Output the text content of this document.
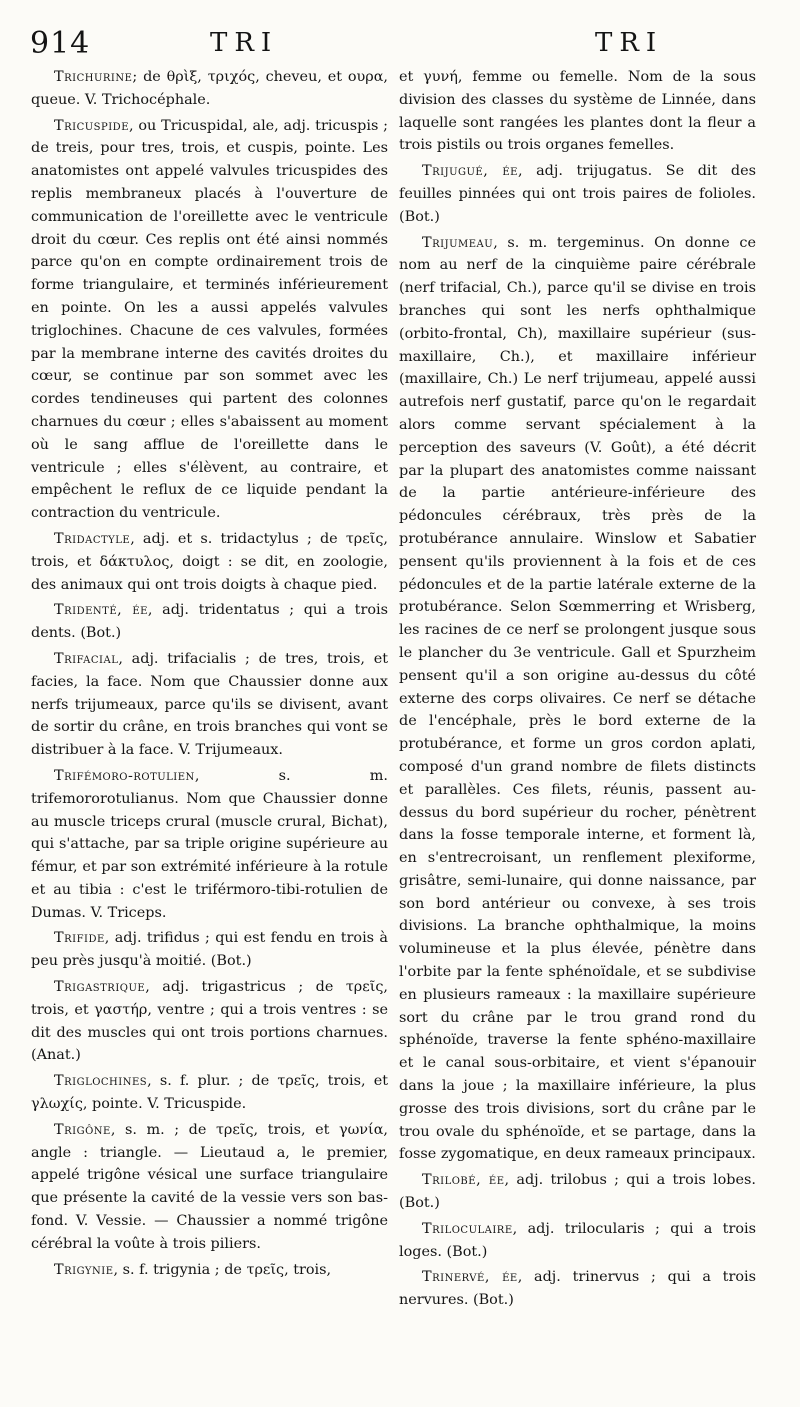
914	TRI	TRI

Trichurine; de θρὶξ, τριχός, cheveu, et ουρα, queue. V. Trichocéphale.

Tricuspide, ou Tricuspidal, ale, adj. tricuspis ; de treis, pour tres, trois, et cuspis, pointe. Les anatomistes ont appelé valvules tricuspides des replis membraneux placés à l'ouverture de communication de l'oreillette avec le ventricule droit du cœur. Ces replis ont été ainsi nommés parce qu'on en compte ordinairement trois de forme triangulaire, et terminés inférieurement en pointe. On les a aussi appelés valvules triglochines. Chacune de ces valvules, formées par la membrane interne des cavités droites du cœur, se continue par son sommet avec les cordes tendineuses qui partent des colonnes charnues du cœur ; elles s'abaissent au moment où le sang afflue de l'oreillette dans le ventricule ; elles s'élèvent, au contraire, et empêchent le reflux de ce liquide pendant la contraction du ventricule.

Tridactyle, adj. et s. tridactylus ; de τρεῖς, trois, et δάκτυλος, doigt : se dit, en zoologie, des animaux qui ont trois doigts à chaque pied.

Tridenté, ée, adj. tridentatus ; qui a trois dents. (Bot.)

Trifacial, adj. trifacialis ; de tres, trois, et facies, la face. Nom que Chaussier donne aux nerfs trijumeaux, parce qu'ils se divisent, avant de sortir du crâne, en trois branches qui vont se distribuer à la face. V. Trijumeaux.

Trifémoro-rotulien, s. m. trifemororotulianus. Nom que Chaussier donne au muscle triceps crural (muscle crural, Bichat), qui s'attache, par sa triple origine supérieure au fémur, et par son extrémité inférieure à la rotule et au tibia : c'est le triférmoro-tibi-rotulien de Dumas. V. Triceps.

Trifide, adj. trifidus ; qui est fendu en trois à peu près jusqu'à moitié. (Bot.)

Trigastrique, adj. trigastricus ; de τρεῖς, trois, et γαστήρ, ventre ; qui a trois ventres : se dit des muscles qui ont trois portions charnues. (Anat.)

Triglochines, s. f. plur. ; de τρεῖς, trois, et γλωχίς, pointe. V. Tricuspide.

Trigône, s. m. ; de τρεῖς, trois, et γωνία, angle : triangle. — Lieutaud a, le premier, appelé trigône vésical une surface triangulaire que présente la cavité de la vessie vers son bas-fond. V. Vessie. — Chaussier a nommé trigône cérébral la voûte à trois piliers.

Trigynie, s. f. trigynia ; de τρεῖς, trois,

et γυνή, femme ou femelle. Nom de la sous division des classes du système de Linnée, dans laquelle sont rangées les plantes dont la fleur a trois pistils ou trois organes femelles.

Trijugué, ée, adj. trijugatus. Se dit des feuilles pinnées qui ont trois paires de folioles. (Bot.)

Trijumeau, s. m. tergeminus. On donne ce nom au nerf de la cinquième paire cérébrale (nerf trifacial, Ch.), parce qu'il se divise en trois branches qui sont les nerfs ophthalmique (orbito-frontal, Ch), maxillaire supérieur (sus-maxillaire, Ch.), et maxillaire inférieur (maxillaire, Ch.) Le nerf trijumeau, appelé aussi autrefois nerf gustatif, parce qu'on le regardait alors comme servant spécialement à la perception des saveurs (V. Goût), a été décrit par la plupart des anatomistes comme naissant de la partie antérieure-inférieure des pédoncules cérébraux, très près de la protubérance annulaire. Winslow et Sabatier pensent qu'ils proviennent à la fois et de ces pédoncules et de la partie latérale externe de la protubérance. Selon Sœmmerring et Wrisberg, les racines de ce nerf se prolongent jusque sous le plancher du 3e ventricule. Gall et Spurzheim pensent qu'il a son origine au-dessus du côté externe des corps olivaires. Ce nerf se détache de l'encéphale, près le bord externe de la protubérance, et forme un gros cordon aplati, composé d'un grand nombre de filets distincts et parallèles. Ces filets, réunis, passent au-dessus du bord supérieur du rocher, pénètrent dans la fosse temporale interne, et forment là, en s'entrecroisant, un renflement plexiforme, grisâtre, semi-lunaire, qui donne naissance, par son bord antérieur ou convexe, à ses trois divisions. La branche ophthalmique, la moins volumineuse et la plus élevée, pénètre dans l'orbite par la fente sphénoïdale, et se subdivise en plusieurs rameaux : la maxillaire supérieure sort du crâne par le trou grand rond du sphénoïde, traverse la fente sphéno-maxillaire et le canal sous-orbitaire, et vient s'épanouir dans la joue ; la maxillaire inférieure, la plus grosse des trois divisions, sort du crâne par le trou ovale du sphénoïde, et se partage, dans la fosse zygomatique, en deux rameaux principaux.

Trilobé, ée, adj. trilobus ; qui a trois lobes. (Bot.)

Triloculaire, adj. trilocularis ; qui a trois loges. (Bot.)

Trinervé, ée, adj. trinervus ; qui a trois nervures. (Bot.)
